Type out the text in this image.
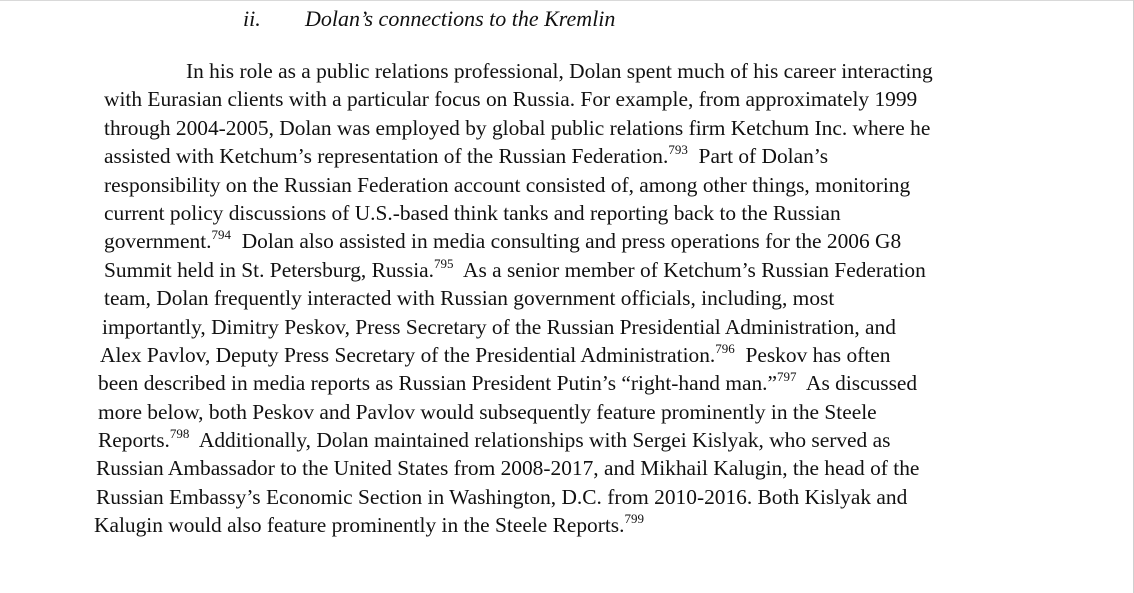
ii. Dolan’s connections to the Kremlin
In his role as a public relations professional, Dolan spent much of his career interacting
with Eurasian clients with a particular focus on Russia. For example, from approximately 1999
through 2004-2005, Dolan was employed by global public relations firm Ketchum Inc. where he
assisted with Ketchum’s representation of the Russian Federation.$^{793}$  Part of Dolan’s
responsibility on the Russian Federation account consisted of, among other things, monitoring
current policy discussions of U.S.-based think tanks and reporting back to the Russian
government.$^{794}$  Dolan also assisted in media consulting and press operations for the 2006 G8
Summit held in St. Petersburg, Russia.$^{795}$  As a senior member of Ketchum’s Russian Federation
team, Dolan frequently interacted with Russian government officials, including, most
importantly, Dimitry Peskov, Press Secretary of the Russian Presidential Administration, and
Alex Pavlov, Deputy Press Secretary of the Presidential Administration.$^{796}$  Peskov has often
been described in media reports as Russian President Putin’s “right-hand man.”$^{797}$  As discussed
more below, both Peskov and Pavlov would subsequently feature prominently in the Steele
Reports.$^{798}$  Additionally, Dolan maintained relationships with Sergei Kislyak, who served as
Russian Ambassador to the United States from 2008-2017, and Mikhail Kalugin, the head of the
Russian Embassy’s Economic Section in Washington, D.C. from 2010-2016. Both Kislyak and
Kalugin would also feature prominently in the Steele Reports.$^{799}$
